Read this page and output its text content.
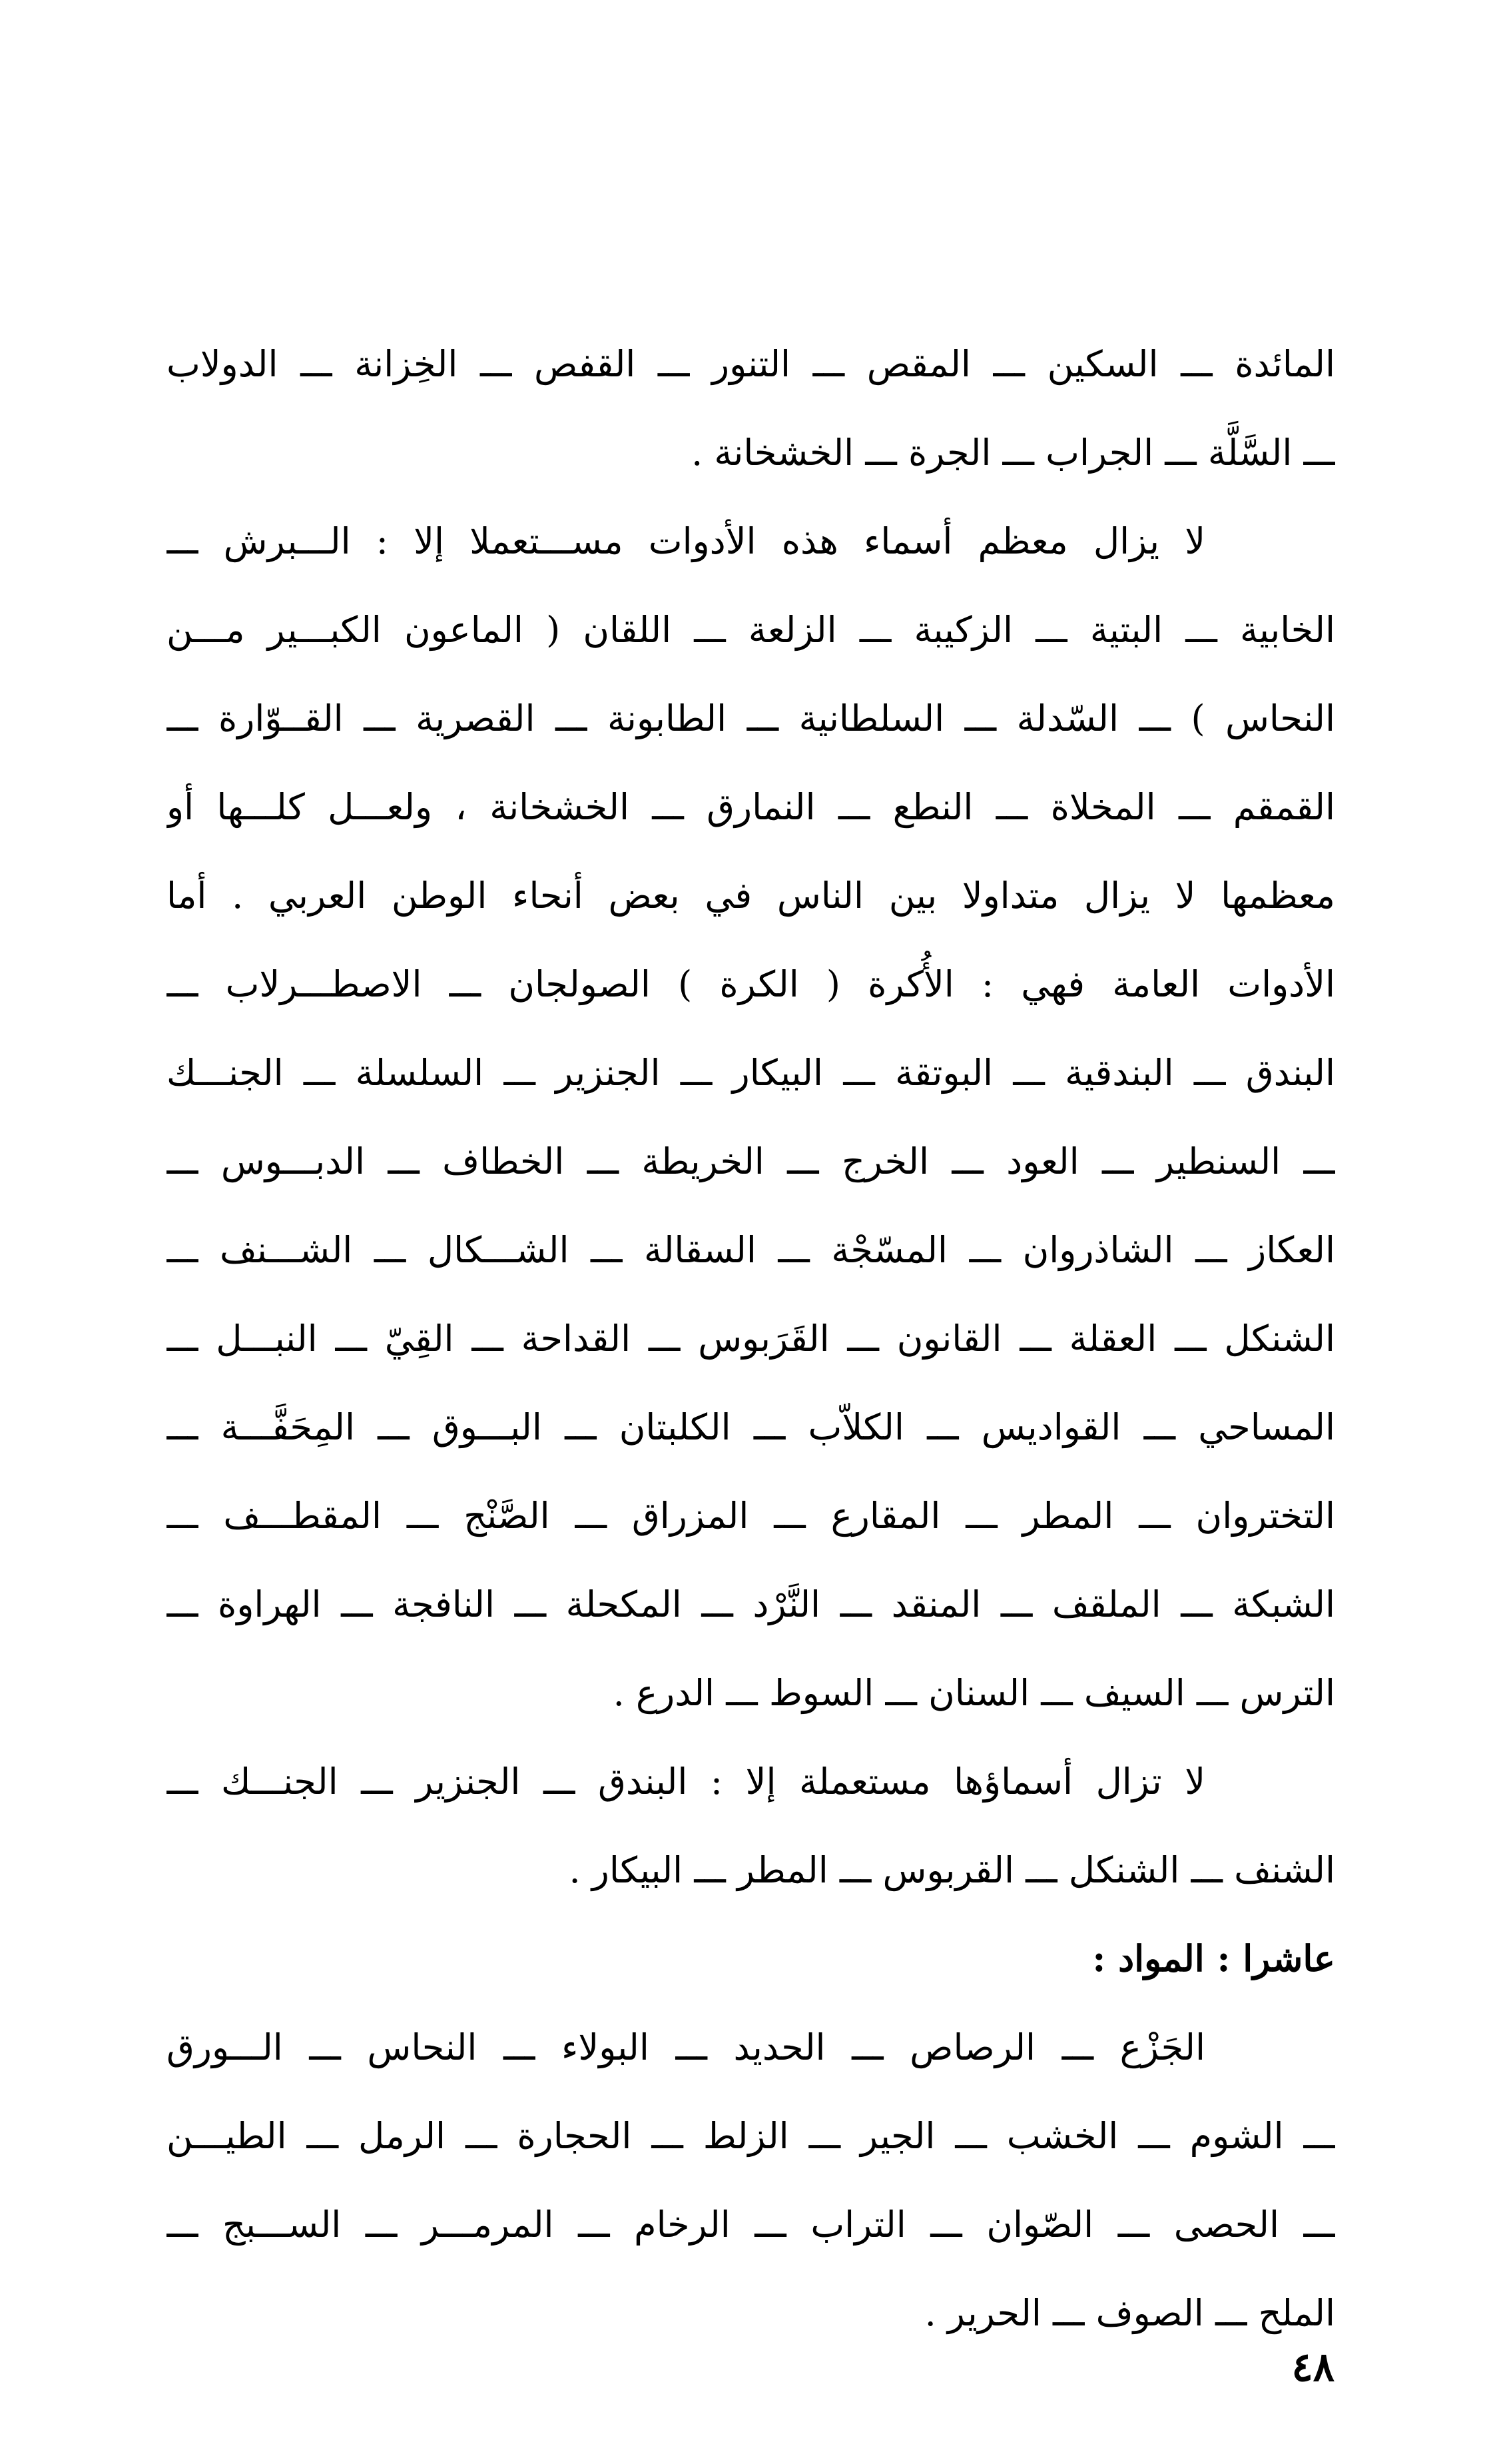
المائدة ـــ السكين ـــ المقص ـــ التنور ـــ القفص ـــ الخِزانة ـــ الدولاب
ـــ السَّلَّة ـــ الجراب ـــ الجرة ـــ الخشخانة .
لا يزال معظم أسماء هذه الأدوات مســـتعملا إلا : الـــبرش ـــ
الخابية ـــ البتية ـــ الزكيبة ـــ الزلعة ـــ اللقان ( الماعون الكبـــير مـــن
النحاس ) ـــ السّدلة ـــ السلطانية ـــ الطابونة ـــ القصرية ـــ القــوّارة ـــ
القمقم ـــ المخلاة ـــ النطع ـــ النمارق ـــ الخشخانة ، ولعـــل كلـــها أو
معظمها لا يزال متداولا بين الناس في بعض أنحاء الوطن العربي . أما
الأدوات العامة فهي : الأُكرة ( الكرة ) الصولجان ـــ الاصطـــرلاب ـــ
البندق ـــ البندقية ـــ البوتقة ـــ البيكار ـــ الجنزير ـــ السلسلة ـــ الجنـــك
ـــ السنطير ـــ العود ـــ الخرج ـــ الخريطة ـــ الخطاف ـــ الدبـــوس ـــ
العكاز ـــ الشاذروان ـــ المسّجْة ـــ السقالة ـــ الشـــكال ـــ الشـــنف ـــ
الشنكل ـــ العقلة ـــ القانون ـــ القَرَبوس ـــ القداحة ـــ القِيّ ـــ النبـــل ـــ
المساحي ـــ القواديس ـــ الكلاّب ـــ الكلبتان ـــ البـــوق ـــ المِحَفَّـــة ـــ
التختروان ـــ المطر ـــ المقارع ـــ المزراق ـــ الصَّنْج ـــ المقطـــف ـــ
الشبكة ـــ الملقف ـــ المنقد ـــ النَّرْد ـــ المكحلة ـــ النافجة ـــ الهراوة ـــ
الترس ـــ السيف ـــ السنان ـــ السوط ـــ الدرع .
لا تزال أسماؤها مستعملة إلا : البندق ـــ الجنزير ـــ الجنـــك ـــ
الشنف ـــ الشنكل ـــ القربوس ـــ المطر ـــ البيكار .
عاشرا : المواد :
الجَزْع ـــ الرصاص ـــ الحديد ـــ البولاء ـــ النحاس ـــ الـــورق
ـــ الشوم ـــ الخشب ـــ الجير ـــ الزلط ـــ الحجارة ـــ الرمل ـــ الطيـــن
ـــ الحصى ـــ الصّوان ـــ التراب ـــ الرخام ـــ المرمـــر ـــ الســـبج ـــ
الملح ـــ الصوف ـــ الحرير .
٤٨
